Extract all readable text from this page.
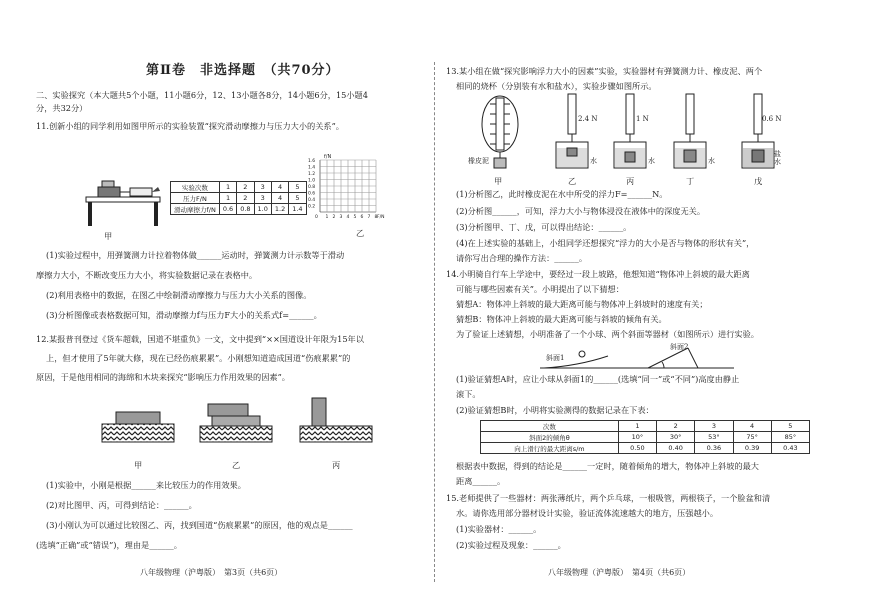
第Ⅱ卷　非选择题　（共70分）
二、实验探究（本大题共5个小题，11小题6分，12、13小题各8分，14小题6分，15小题4
分，共32分）
11.创新小组的同学利用如图甲所示的实验装置“探究滑动摩擦力与压力大小的关系”。
甲
实验次数	1	2	3	4	5
压力F/N	1	2	3	4	5
滑动摩擦力f/N	0.6	0.8	1.0	1.2	1.4
1.6
1.4
1.2
1.0
0.8
0.6
0.4
0.2
1 2 3 4 5 6 7 8
0
f/N
F/N
乙
(1)实验过程中，用弹簧测力计拉着物体做______运动时，弹簧测力计示数等于滑动
摩擦力大小，不断改变压力大小，将实验数据记录在表格中。
(2)利用表格中的数据，在图乙中绘制滑动摩擦力与压力大小关系的图像。
(3)分析图像或表格数据可知，滑动摩擦力f与压力F大小的关系式f=______。
12.某报普刊登过《货车超载，国道不堪重负》一文，文中提到“××国道设计年限为15年以
上，但才使用了5年就大修，现在已经伤痕累累”。小刚想知道造成国道“伤痕累累”的
原因，于是他用相同的海绵和木块来探究“影响压力作用效果的因素”。
甲	乙	丙
(1)实验中，小刚是根据______来比较压力的作用效果。
(2)对比图甲、丙，可得到结论：______。
(3)小刚认为可以通过比较图乙、丙，找到国道“伤痕累累”的原因，他的观点是______
(选填“正确”或“错误”)，理由是______。
八年级物理（沪粤版）　第3页（共6页）
13.某小组在做“探究影响浮力大小的因素”实验，实验器材有弹簧测力计、橡皮泥、两个
相同的烧杯（分别装有水和盐水），实验步骤如图所示。
2.4 N	1 N	0.6 N
橡皮泥	水	水	水
盐水
甲	乙	丙	丁	戊
(1)分析图乙，此时橡皮泥在水中所受的浮力F=______N。
(2)分析图______，可知，浮力大小与物体浸没在液体中的深度无关。
(3)分析图甲、丁、戊，可以得出结论：______。
(4)在上述实验的基础上，小组同学还想探究“浮力的大小是否与物体的形状有关”，
请你写出合理的操作方法：______。
14.小明骑自行车上学途中，要经过一段上坡路，他想知道“物体冲上斜坡的最大距离
可能与哪些因素有关”。小明提出了以下猜想：
猜想A：物体冲上斜坡的最大距离可能与物体冲上斜坡时的速度有关；
猜想B：物体冲上斜坡的最大距离可能与斜坡的倾角有关。
为了验证上述猜想，小明准备了一个小球、两个斜面等器材（如图所示）进行实验。
斜面1
斜面2
(1)验证猜想A时，应让小球从斜面1的______(选填“同一”或“不同”)高度由静止
滚下。
(2)验证猜想B时，小明将实验测得的数据记录在下表：
次数	1	2	3	4	5
斜面2的倾角θ	10°	30°	53°	75°	85°
向上滑行的最大距离s/m	0.50	0.40	0.36	0.39	0.43
根据表中数据，得到的结论是______一定时，随着倾角的增大，物体冲上斜坡的最大
距离______。
15.老师提供了一些器材：两张薄纸片，两个乒乓球，一根吸管，两根筷子，一个脸盆和清
水。请你选用部分器材设计实验，验证流体流速越大的地方，压强越小。
(1)实验器材：______。
(2)实验过程及现象：______。
八年级物理（沪粤版）　第4页（共6页）
